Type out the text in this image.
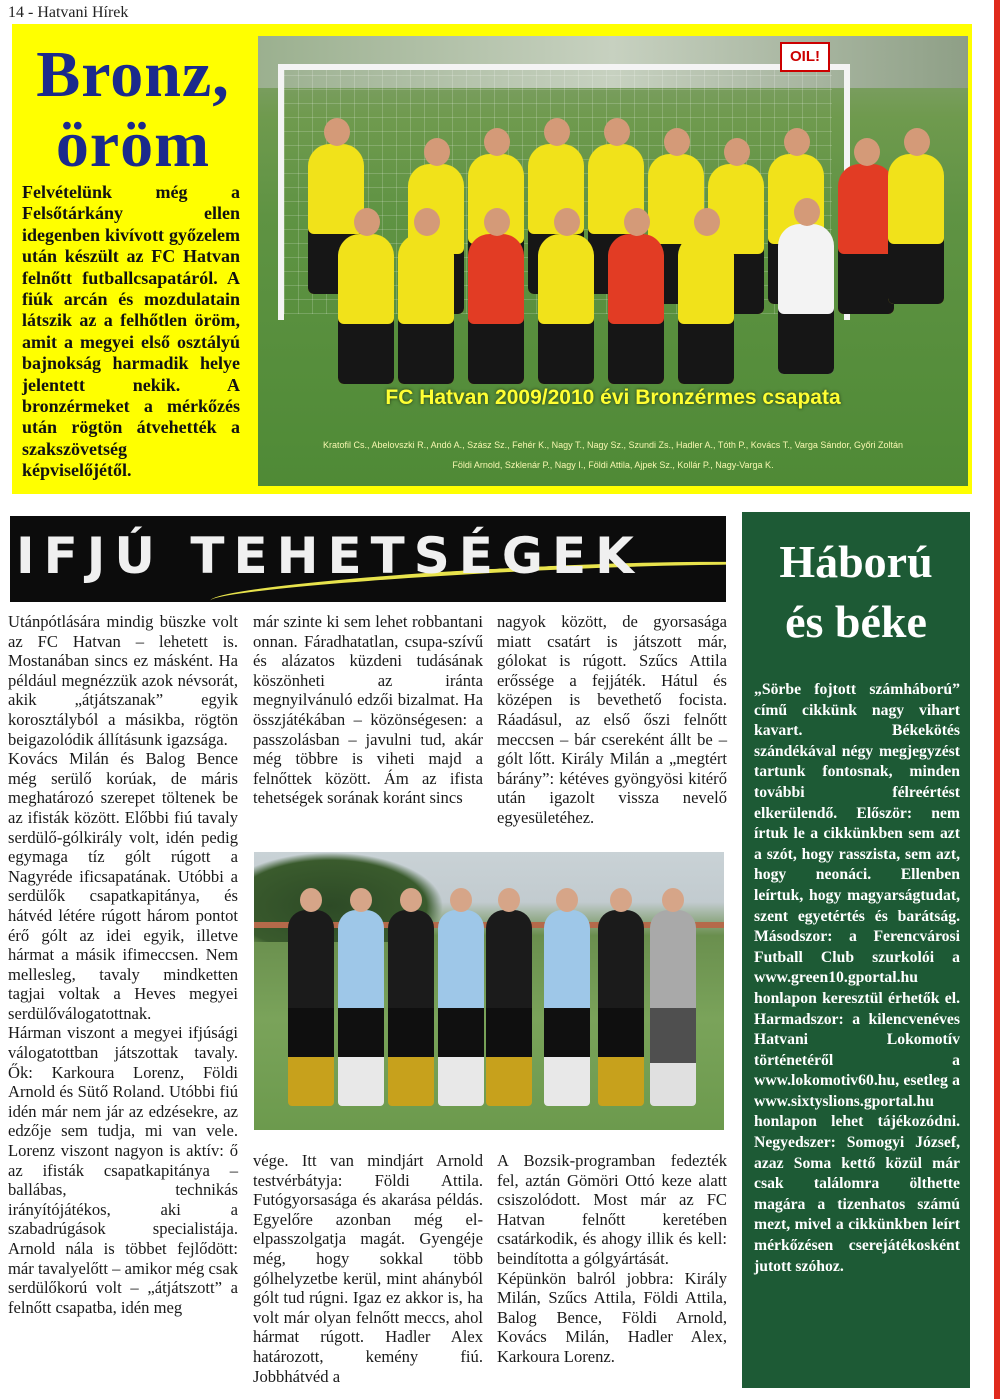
14 - Hatvani Hírek
Bronz,
öröm
Felvételünk még a Felsőtárkány ellen idegenben kivívott győzelem után készült az FC Hatvan felnőtt futballcsapatáról. A fiúk arcán és mozdulatain látszik az a felhőtlen öröm, amit a megyei első osztályú bajnokság harmadik helye jelentett nekik. A bronzérmeket a mérkőzés után rögtön átvehették a szakszövetség képviselőjétől.
OIL!
FC Hatvan 2009/2010 évi Bronzérmes csapata
Kratofil Cs., Abelovszki R., Andó A., Szász Sz., Fehér K., Nagy T., Nagy Sz., Szundi Zs., Hadler A., Tóth P., Kovács T., Varga Sándor, Győri Zoltán
Földi Arnold, Szklenár P., Nagy I., Földi Attila, Ajpek Sz., Kollár P., Nagy-Varga K.
IFJÚ TEHETSÉGEK

Utánpótlására mindig büszke volt az FC Hatvan – lehetett is. Mostanában sincs ez másként. Ha például megnézzük azok névsorát, akik „átjátszanak” egyik korosztályból a másikba, rögtön beigazolódik állításunk igazsága.

Kovács Milán és Balog Bence még serülő korúak, de máris meghatározó szerepet töltenek be az ifisták között. Előbbi fiú tavaly serdülő-gólkirály volt, idén pedig egymaga tíz gólt rúgott a Nagyréde ificsapatának. Utóbbi a serdülők csapatkapitánya, és hátvéd létére rúgott három pontot érő gólt az idei egyik, illetve hármat a másik ifimeccsen. Nem mellesleg, tavaly mindketten tagjai voltak a Heves megyei serdülőválogatottnak.

Hárman viszont a megyei ifjúsági válogatottban játszottak tavaly. Ők: Karkoura Lorenz, Földi Arnold és Sütő Roland. Utóbbi fiú idén már nem jár az edzésekre, az edzője sem tudja, mi van vele. Lorenz viszont nagyon is aktív: ő az ifisták csapatkapitánya – ballábas, technikás irányítójátékos, aki a szabadrúgások specialistája. Arnold nála is többet fejlődött: már tavalyelőtt – amikor még csak serdülőkorú volt – „átjátszott” a felnőtt csapatba, idén meg

már szinte ki sem lehet robbantani onnan. Fáradhatatlan, csupa-szívű és alázatos küzdeni tudásának köszönheti az iránta megnyilvánuló edzői bizalmat. Ha összjátékában – közönségesen: a passzolásban – javulni tud, akár még többre is viheti majd a felnőttek között. Ám az ifista tehetségek sorának koránt sincs
nagyok között, de gyorsasága miatt csatárt is játszott már, gólokat is rúgott. Szűcs Attila erőssége a fejjáték. Hátul és középen is bevethető focista. Ráadásul, az első őszi felnőtt meccsen – bár csereként állt be – gólt lőtt. Király Milán a „megtért bárány”: kétéves gyöngyösi kitérő után igazolt vissza nevelő egyesületéhez.
vége. Itt van mindjárt Arnold testvérbátyja: Földi Attila. Futógyorsasága és akarása példás. Egyelőre azonban még el-elpasszolgatja magát. Gyengéje még, hogy sokkal több gólhelyzetbe kerül, mint ahányból gólt tud rúgni. Igaz ez akkor is, ha volt már olyan felnőtt meccs, ahol hármat rúgott. Hadler Alex határozott, kemény fiú. Jobbhátvéd a

A Bozsik-programban fedezték fel, aztán Gömöri Ottó keze alatt csiszolódott. Most már az FC Hatvan felnőtt keretében csatárkodik, és ahogy illik és kell: beindította a gólgyártását.

Képünkön balról jobbra: Király Milán, Szűcs Attila, Földi Attila, Balog Bence, Földi Arnold, Kovács Milán, Hadler Alex, Karkoura Lorenz.

Háború
és béke
„Sörbe fojtott számháború” című cikkünk nagy vihart kavart. Békekötés szándékával négy megjegyzést tartunk fontosnak, minden további félreértést elkerülendő. Először: nem írtuk le a cikkünkben sem azt a szót, hogy rasszista, sem azt, hogy neonáci. Ellenben leírtuk, hogy magyarságtudat, szent egyetértés és barátság. Másodszor: a Ferencvárosi Futball Club szurkolói a www.green10.gportal.hu honlapon keresztül érhetők el. Harmadszor: a kilencvenéves Hatvani Lokomotív történetéről a www.lokomotiv60.hu, esetleg a www.sixtyslions.gportal.hu honlapon lehet tájékozódni. Negyedszer: Somogyi József, azaz Soma kettő közül már csak találomra ölthette magára a tizenhatos számú mezt, mivel a cikkünkben leírt mérkőzésen cserejátékosként jutott szóhoz.
